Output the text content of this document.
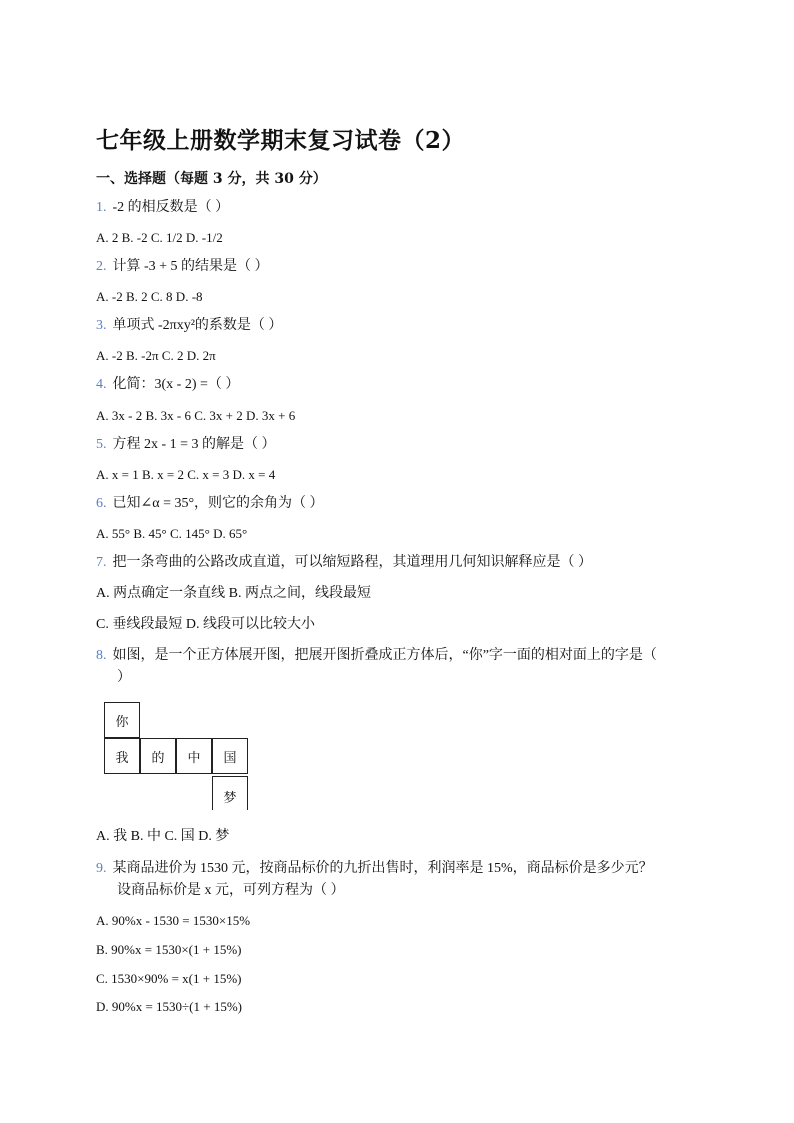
七年级上册数学期末复习试卷（2）
一、选择题（每题 3 分，共 30 分）
1. -2 的相反数是（ ）
A. 2 B. -2 C. 1/2 D. -1/2
2. 计算 -3 + 5 的结果是（ ）
A. -2 B. 2 C. 8 D. -8
3. 单项式 -2πxy²的系数是（ ）
A. -2 B. -2π C. 2 D. 2π
4. 化简：3(x - 2) =（ ）
A. 3x - 2 B. 3x - 6 C. 3x + 2 D. 3x + 6
5. 方程 2x - 1 = 3 的解是（ ）
A. x = 1 B. x = 2 C. x = 3 D. x = 4
6. 已知∠α = 35°，则它的余角为（ ）
A. 55° B. 45° C. 145° D. 65°
7. 把一条弯曲的公路改成直道，可以缩短路程，其道理用几何知识解释应是（ ）
A. 两点确定一条直线 B. 两点之间，线段最短
C. 垂线段最短 D. 线段可以比较大小
8. 如图，是一个正方体展开图，把展开图折叠成正方体后，“你”字一面的相对面上的字是（
）
你
我	的	中	国
梦
A. 我 B. 中 C. 国 D. 梦
9. 某商品进价为 1530 元，按商品标价的九折出售时，利润率是 15%，商品标价是多少元？
设商品标价是 x 元，可列方程为（ ）
A. 90%x - 1530 = 1530×15%
B. 90%x = 1530×(1 + 15%)
C. 1530×90% = x(1 + 15%)
D. 90%x = 1530÷(1 + 15%)
